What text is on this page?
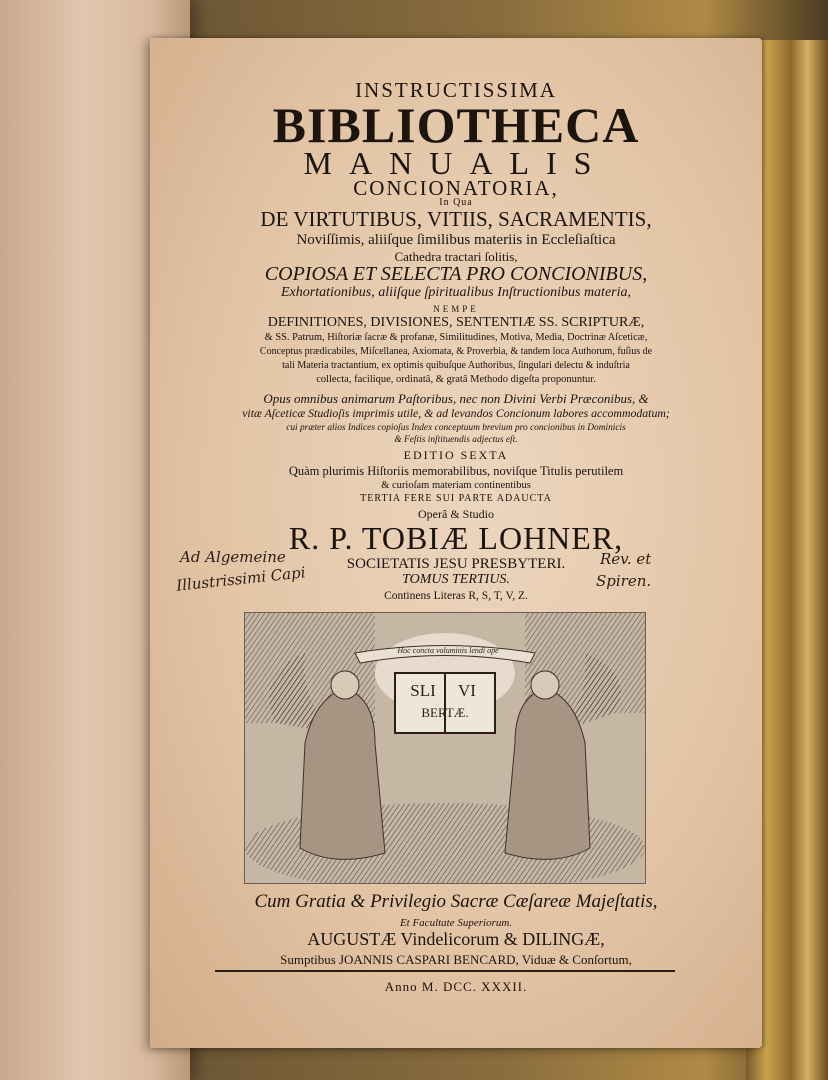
INSTRUCTISSIMA
BIBLIOTHECA
MANUALIS
CONCIONATORIA,
In Qua
DE VIRTUTIBUS, VITIIS, SACRAMENTIS,
Noviſſimis, aliiſque ſimilibus materiis in Eccleſiaſtica
Cathedra tractari ſolitis,
COPIOSA ET SELECTA PRO CONCIONIBUS,
Exhortationibus, aliiſque ſpiritualibus Inſtructionibus materia,
NEMPE
DEFINITIONES, DIVISIONES, SENTENTIÆ SS. SCRIPTURÆ,
& SS. Patrum, Hiſtoriæ ſacræ & profanæ, Similitudines, Motiva, Media, Doctrinæ Aſceticæ,
Conceptus prædicabiles, Miſcellanea, Axiomata, & Proverbia, & tandem loca Authorum, fuſius de
tali Materia tractantium, ex optimis quibuſque Authoribus, ſingulari delectu & induſtria
collecta, facilique, ordinatâ, & gratâ Methodo digeſta proponuntur.
Opus omnibus animarum Paſtoribus, nec non Divini Verbi Præconibus, &
vitæ Aſceticæ Studioſis imprimis utile, & ad levandos Concionum labores accommodatum;
cui præter alios Indices copioſus Index conceptuum brevium pro concionibus in Dominicis
& Feſtis inſtituendis adjectus eſt.
EDITIO SEXTA
Quàm plurimis Hiſtoriis memorabilibus, noviſque Titulis perutilem
& curioſam materiam continentibus
TERTIA FERE SUI PARTE ADAUCTA
Operâ & Studio
R. P. TOBIÆ LOHNER,
SOCIETATIS JESU PRESBYTERI.
TOMUS TERTIUS.
Continens Literas R, S, T, V, Z.
Ad Algemeine
Illustrissimi Capi
Rev. et
Spiren.
Hoc concta voluminis lendi ope
SLI	VI
BERTÆ.
Cum Gratia & Privilegio Sacræ Cæſareæ Majeſtatis,
Et Facultate Superiorum.
AUGUSTÆ Vindelicorum & DILINGÆ,
Sumptibus JOANNIS CASPARI BENCARD, Viduæ & Conſortum,
Anno M. DCC. XXXII.
